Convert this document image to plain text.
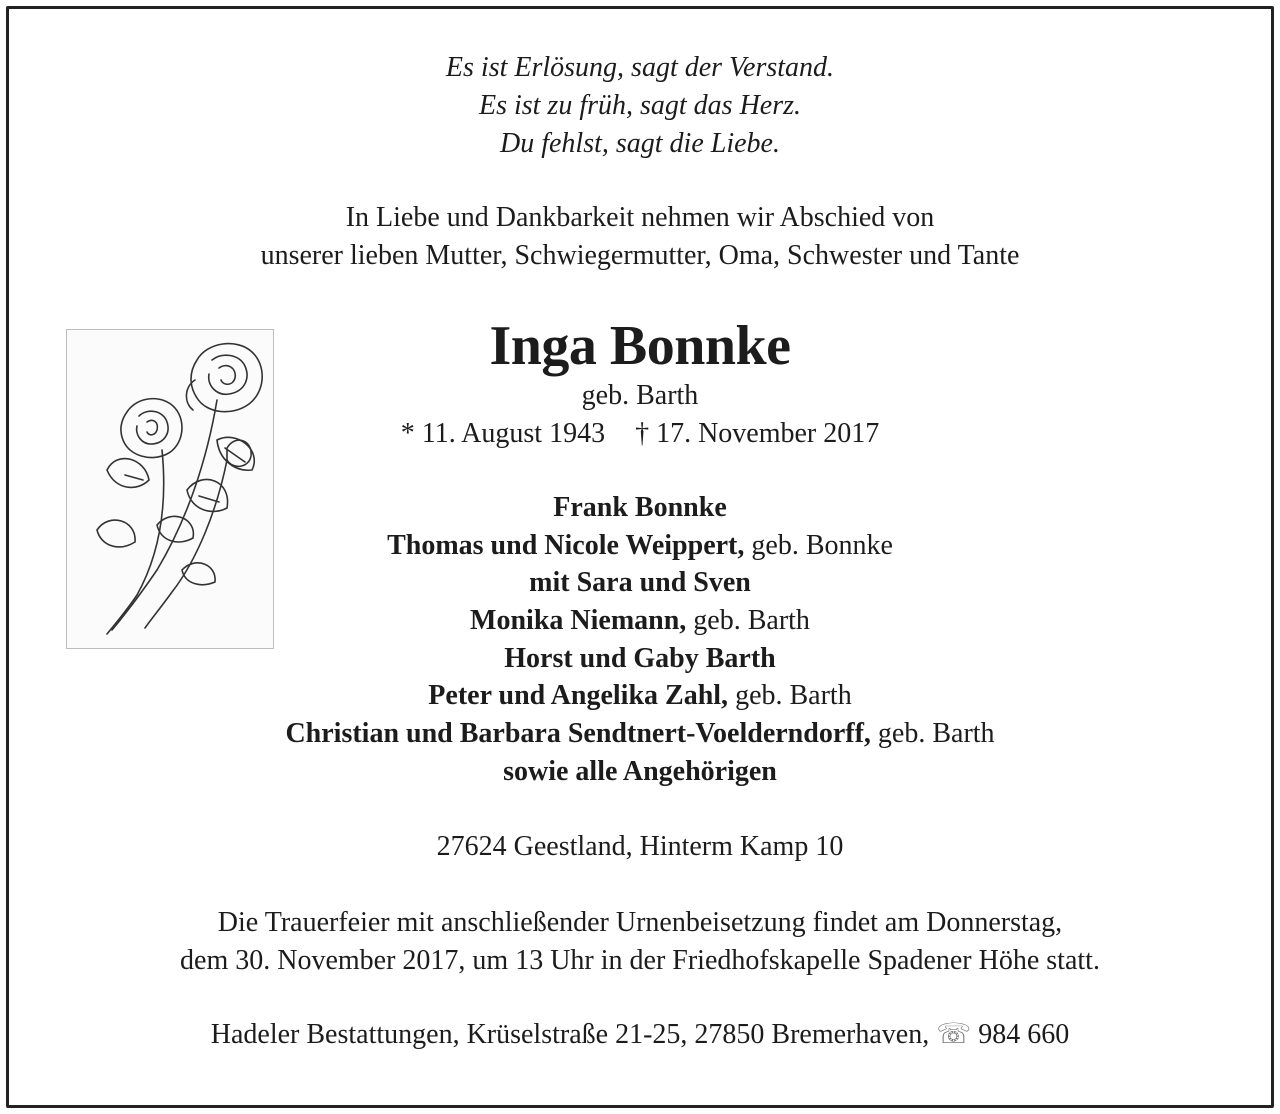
Es ist Erlösung, sagt der Verstand.
Es ist zu früh, sagt das Herz.
Du fehlst, sagt die Liebe.
In Liebe und Dankbarkeit nehmen wir Abschied von
unserer lieben Mutter, Schwiegermutter, Oma, Schwester und Tante
Inga Bonnke
geb. Barth
* 11. August 1943 † 17. November 2017
Frank Bonnke
Thomas und Nicole Weippert, geb. Bonnke
mit Sara und Sven
Monika Niemann, geb. Barth
Horst und Gaby Barth
Peter und Angelika Zahl, geb. Barth
Christian und Barbara Sendtnert-Voelderndorff, geb. Barth
sowie alle Angehörigen
27624 Geestland, Hinterm Kamp 10
Die Trauerfeier mit anschließender Urnenbeisetzung findet am Donnerstag,
dem 30. November 2017, um 13 Uhr in der Friedhofskapelle Spadener Höhe statt.
Hadeler Bestattungen, Krüselstraße 21-25, 27850 Bremerhaven, ☏ 984 660
